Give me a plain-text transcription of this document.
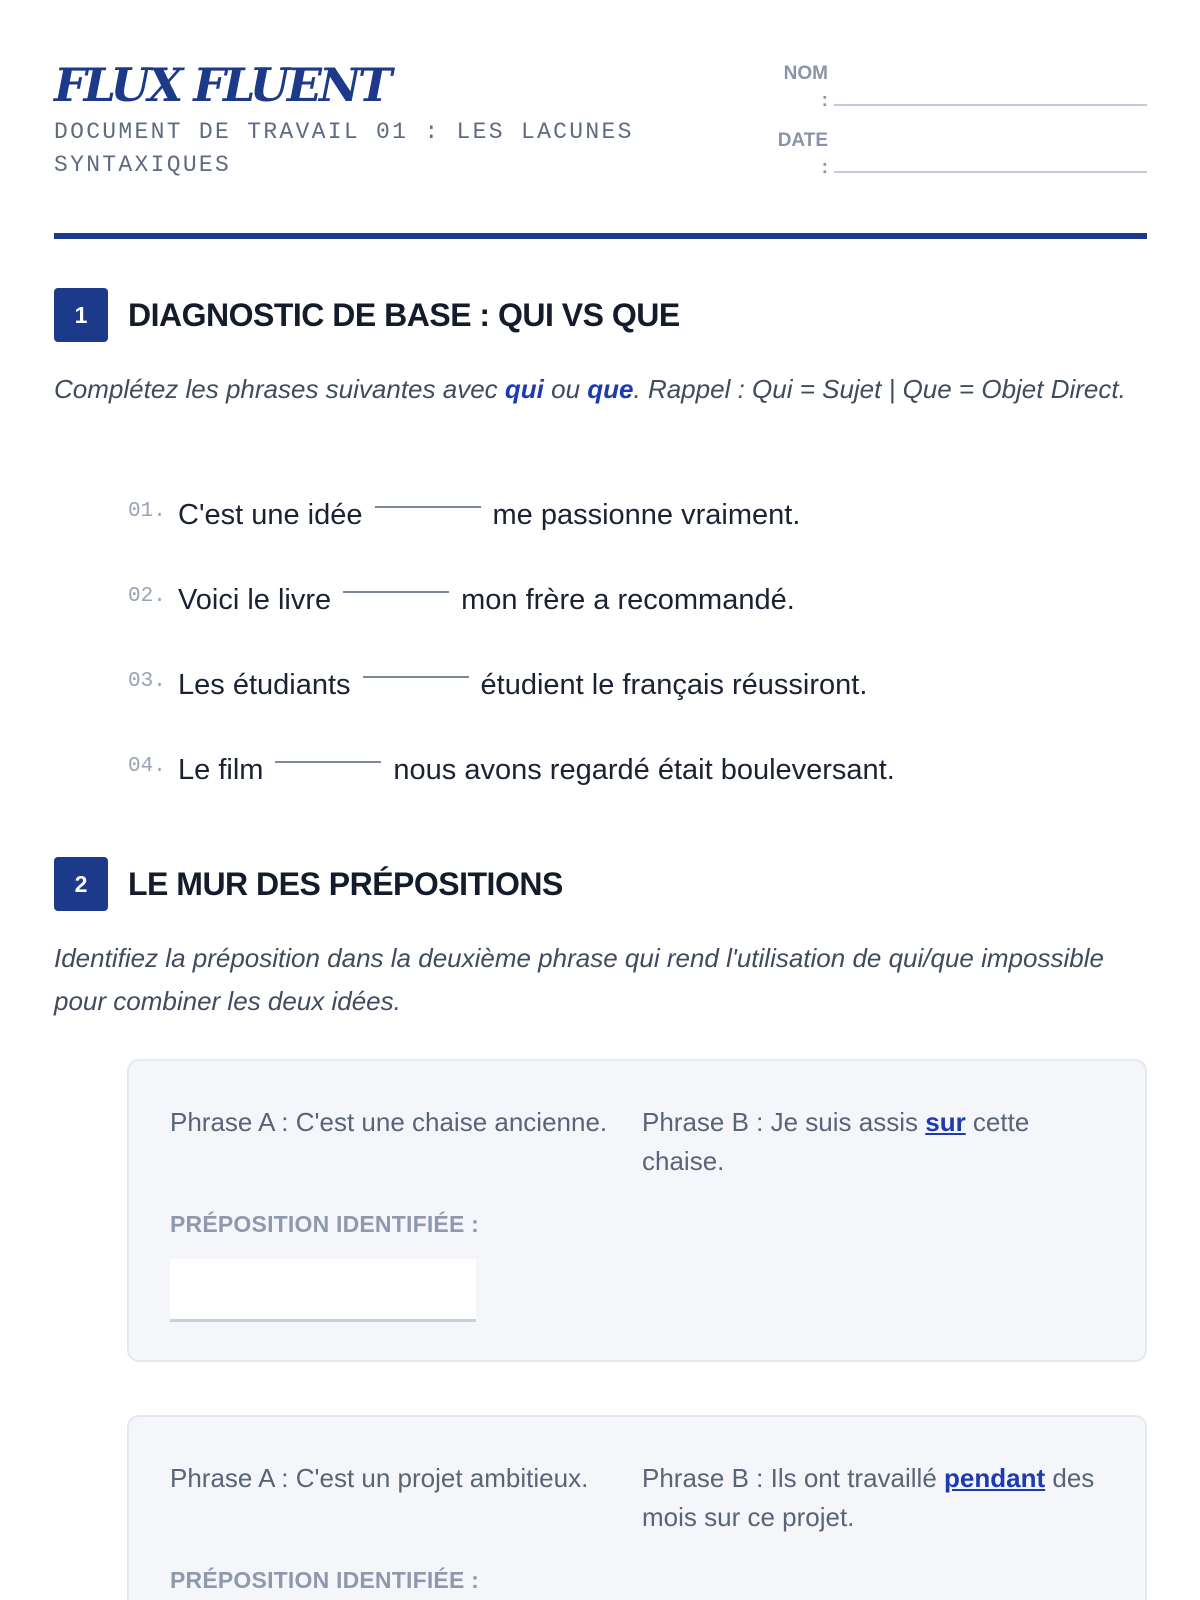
FLUX FLUENT
DOCUMENT DE TRAVAIL 01 : LES LACUNES SYNTAXIQUES
NOM :
DATE :
1	DIAGNOSTIC DE BASE : QUI VS QUE
Complétez les phrases suivantes avec qui ou que. Rappel : Qui = Sujet | Que = Objet Direct.
01. C'est une idée	me passionne vraiment.
02. Voici le livre	mon frère a recommandé.
03. Les étudiants	étudient le français réussiront.
04. Le film	nous avons regardé était bouleversant.
2	LE MUR DES PRÉPOSITIONS
Identifiez la préposition dans la deuxième phrase qui rend l'utilisation de qui/que impossible pour combiner les deux idées.
Phrase A : C'est une chaise ancienne.	Phrase B : Je suis assis sur cette chaise.
PRÉPOSITION IDENTIFIÉE :
Phrase A : C'est un projet ambitieux.	Phrase B : Ils ont travaillé pendant des mois sur ce projet.
PRÉPOSITION IDENTIFIÉE :
